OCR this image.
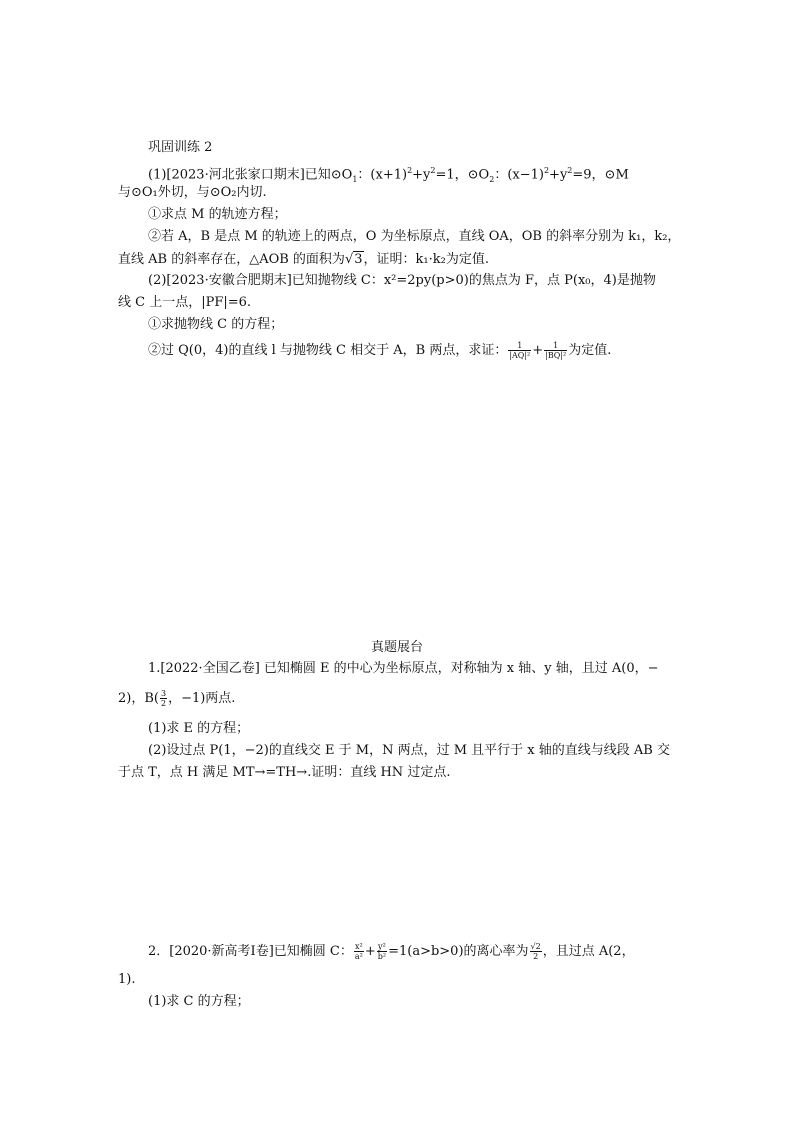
巩固训练 2
(1)[2023·河北张家口期末]已知$⊙O_1$：$(x+1)^2+y^2=1$，$⊙O_2$：$(x-1)^2+y^2=9$，⊙M
与⊙O₁外切，与⊙O₂内切.
①求点 M 的轨迹方程；
②若 A，B 是点 M 的轨迹上的两点，O 为坐标原点，直线 OA，OB 的斜率分别为 k₁，k₂，
直线 AB 的斜率存在，△AOB 的面积为√3，证明：k₁·k₂为定值.
(2)[2023·安徽合肥期末]已知抛物线 C：x²=2py(p>0)的焦点为 F，点 P(x₀，4)是抛物
线 C 上一点，|PF|=6.
①求抛物线 C 的方程；
②过 Q(0，4)的直线 l 与抛物线 C 相交于 A，B 两点，求证： $\frac{1}{\text{|AQ|²}} + \frac{1}{\text{|BQ|²}}$ 为定值.
真题展台
1.[2022·全国乙卷] 已知椭圆 E 的中心为坐标原点，对称轴为 x 轴、y 轴，且过 A(0，−
2)，$B( \frac{3}{2}$ ，−1)两点.
(1)求 E 的方程；
(2)设过点 P(1，−2)的直线交 E 于 M，N 两点，过 M 且平行于 x 轴的直线与线段 AB 交
于点 T，点 H 满足 MT→=TH→.证明：直线 HN 过定点.
2．[2020·新高考Ⅰ卷]已知椭圆 C： $\frac{\text{x²}}{\text{a²}} + \frac{\text{y²}}{\text{b²}} =1(a>b>0)$的离心率为 $\frac{√2}{2}$ ，且过点 A(2，
1).
(1)求 C 的方程；
